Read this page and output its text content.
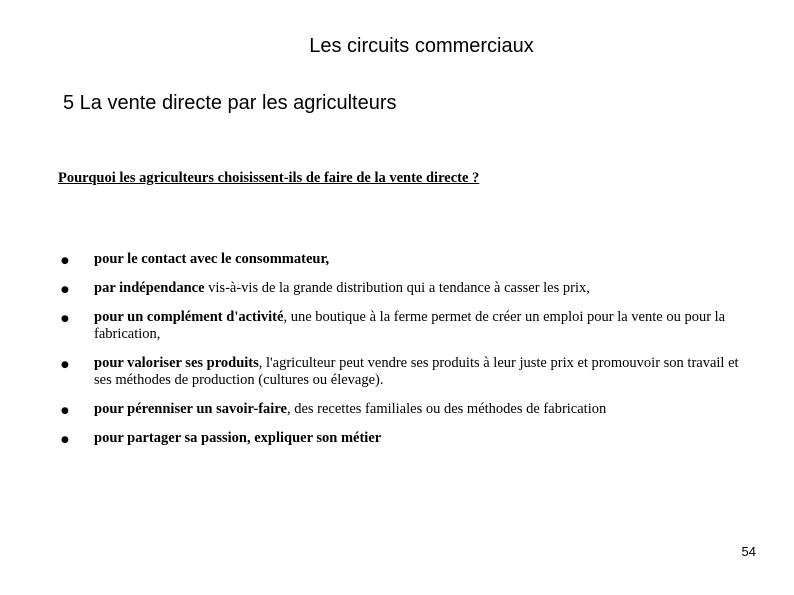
Les circuits commerciaux
5 La vente directe par les agriculteurs
Pourquoi les agriculteurs choisissent-ils de faire de la vente directe ?
● pour le contact avec le consommateur,
● par indépendance vis-à-vis de la grande distribution qui a tendance à casser les prix,
● pour un complément d'activité, une boutique à la ferme permet de créer un emploi pour la vente ou pour la fabrication,
● pour valoriser ses produits, l'agriculteur peut vendre ses produits à leur juste prix et promouvoir son travail et ses méthodes de production (cultures ou élevage).
● pour pérenniser un savoir-faire, des recettes familiales ou des méthodes de fabrication
● pour partager sa passion, expliquer son métier
54
